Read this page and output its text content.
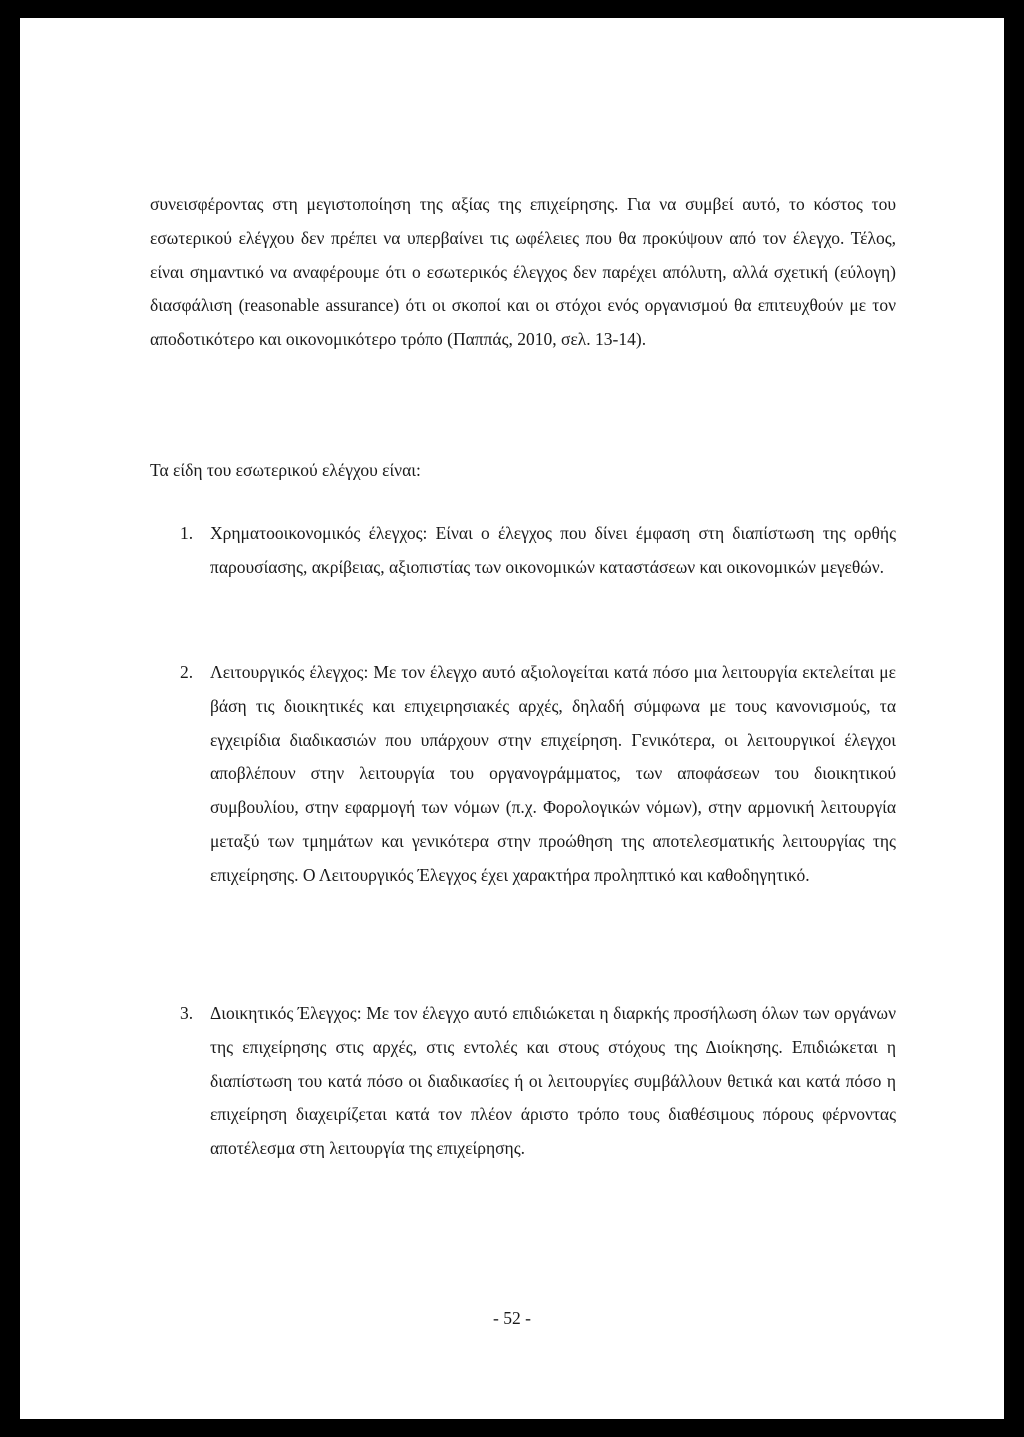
συνεισφέροντας στη μεγιστοποίηση της αξίας της επιχείρησης. Για να συμβεί αυτό, το κόστος του εσωτερικού ελέγχου δεν πρέπει να υπερβαίνει τις ωφέλειες που θα προκύψουν από τον έλεγχο. Τέλος, είναι σημαντικό να αναφέρουμε ότι ο εσωτερικός έλεγχος δεν παρέχει απόλυτη, αλλά σχετική (εύλογη) διασφάλιση (reasonable assurance) ότι οι σκοποί και οι στόχοι ενός οργανισμού θα επιτευχθούν με τον αποδοτικότερο και οικονομικότερο τρόπο (Παππάς, 2010, σελ. 13-14).

Τα είδη του εσωτερικού ελέγχου είναι:

1. Χρηματοοικονομικός έλεγχος: Είναι ο έλεγχος που δίνει έμφαση στη διαπίστωση της ορθής παρουσίασης, ακρίβειας, αξιοπιστίας των οικονομικών καταστάσεων και οικονομικών μεγεθών.
2. Λειτουργικός έλεγχος: Με τον έλεγχο αυτό αξιολογείται κατά πόσο μια λειτουργία εκτελείται με βάση τις διοικητικές και επιχειρησιακές αρχές, δηλαδή σύμφωνα με τους κανονισμούς, τα εγχειρίδια διαδικασιών που υπάρχουν στην επιχείρηση. Γενικότερα, οι λειτουργικοί έλεγχοι αποβλέπουν στην λειτουργία του οργανογράμματος, των αποφάσεων του διοικητικού συμβουλίου, στην εφαρμογή των νόμων (π.χ. Φορολογικών νόμων), στην αρμονική λειτουργία μεταξύ των τμημάτων και γενικότερα στην προώθηση της αποτελεσματικής λειτουργίας της επιχείρησης. Ο Λειτουργικός Έλεγχος έχει χαρακτήρα προληπτικό και καθοδηγητικό.
3. Διοικητικός Έλεγχος: Με τον έλεγχο αυτό επιδιώκεται η διαρκής προσήλωση όλων των οργάνων της επιχείρησης στις αρχές, στις εντολές και στους στόχους της Διοίκησης. Επιδιώκεται η διαπίστωση του κατά πόσο οι διαδικασίες ή οι λειτουργίες συμβάλλουν θετικά και κατά πόσο η επιχείρηση διαχειρίζεται κατά τον πλέον άριστο τρόπο τους διαθέσιμους πόρους φέρνοντας αποτέλεσμα στη λειτουργία της επιχείρησης.
- 52 -
